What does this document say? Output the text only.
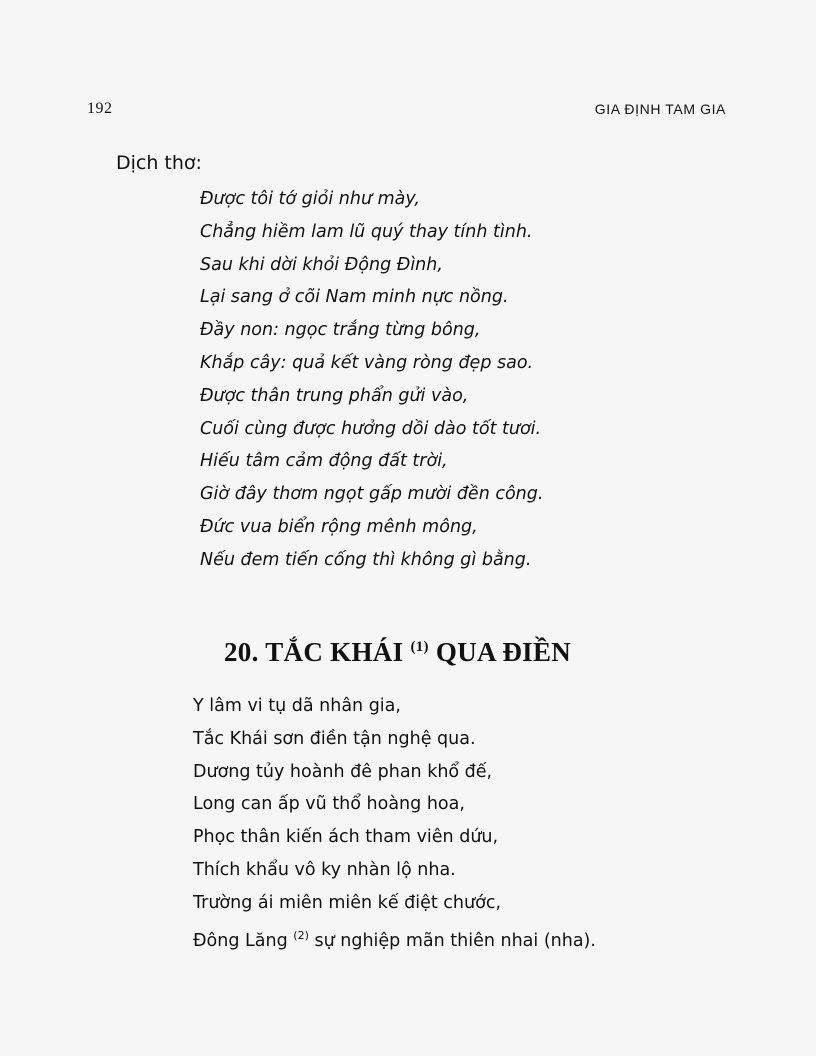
192	GIA ĐỊNH TAM GIA
Dịch thơ:
Được tôi tớ giỏi như mày,
Chẳng hiềm lam lũ quý thay tính tình.
Sau khi dời khỏi Động Đình,
Lại sang ở cõi Nam minh nực nồng.
Đầy non: ngọc trắng từng bông,
Khắp cây: quả kết vàng ròng đẹp sao.
Được thân trung phẩn gửi vào,
Cuối cùng được hưởng dồi dào tốt tươi.
Hiếu tâm cảm động đất trời,
Giờ đây thơm ngọt gấp mười đền công.
Đức vua biển rộng mênh mông,
Nếu đem tiến cống thì không gì bằng.
20. TẮC KHÁI $^{(1)}$ QUA ĐIỀN
Y lâm vi tụ dã nhân gia,
Tắc Khái sơn điền tận nghệ qua.
Dương tủy hoành đê phan khổ đế,
Long can ấp vũ thổ hoàng hoa,
Phọc thân kiến ách tham viên dứu,
Thích khẩu vô ky nhàn lộ nha.
Trường ái miên miên kế điệt chước,
Đông Lăng $^{(2)}$ sự nghiệp mãn thiên nhai (nha).
